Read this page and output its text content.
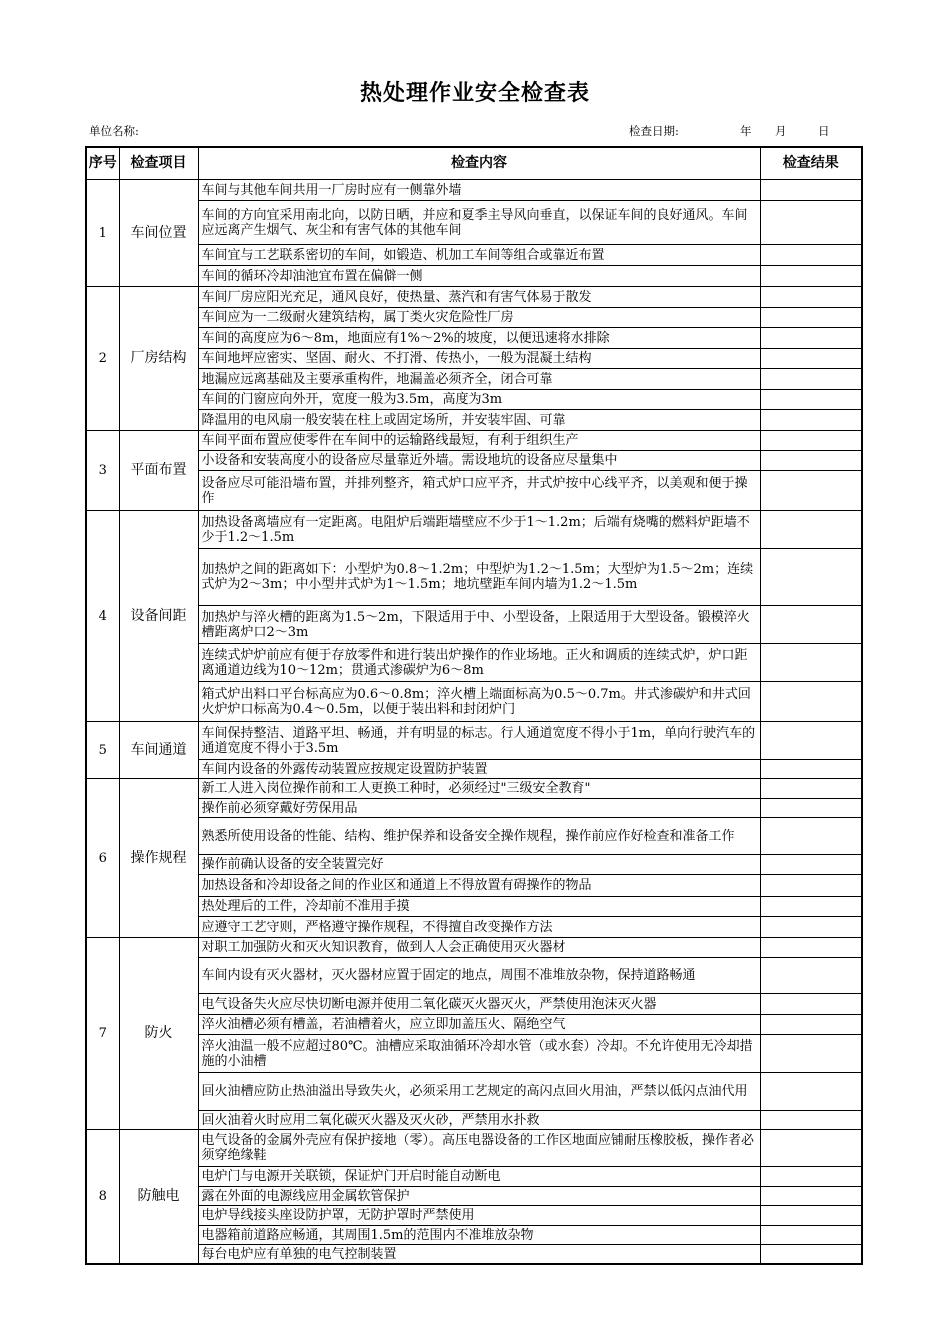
热处理作业安全检查表
单位名称:	检查日期:	年 月	日
序号	检查项目	检查内容	检查结果
1	车间位置	车间与其他车间共用一厂房时应有一侧靠外墙	

		车间的方向宜采用南北向，以防日晒，并应和夏季主导风向垂直，以保证车间的良好通风。车间应远离产生烟气、灰尘和有害气体的其他车间	

		车间宜与工艺联系密切的车间，如锻造、机加工车间等组合或靠近布置	

		车间的循环冷却油池宜布置在偏僻一侧	

2	厂房结构	车间厂房应阳光充足，通风良好，使热量、蒸汽和有害气体易于散发	

		车间应为一二级耐火建筑结构，属丁类火灾危险性厂房	

		车间的高度应为6～8m，地面应有1%～2%的坡度，以便迅速将水排除	

		车间地坪应密实、坚固、耐火、不打滑、传热小，一般为混凝土结构	

		地漏应远离基础及主要承重构件，地漏盖必须齐全，闭合可靠	

		车间的门窗应向外开，宽度一般为3.5m，高度为3m	

		降温用的电风扇一般安装在柱上或固定场所，并安装牢固、可靠	

3	平面布置	车间平面布置应使零件在车间中的运输路线最短，有利于组织生产	

		小设备和安装高度小的设备应尽量靠近外墙。需设地坑的设备应尽量集中	

		设备应尽可能沿墙布置，并排列整齐，箱式炉口应平齐，井式炉按中心线平齐，以美观和便于操作	

4	设备间距	加热设备离墙应有一定距离。电阻炉后端距墙壁应不少于1～1.2m；后端有烧嘴的燃料炉距墙不少于1.2～1.5m	

		加热炉之间的距离如下：小型炉为0.8～1.2m；中型炉为1.2～1.5m；大型炉为1.5～2m；连续式炉为2～3m；中小型井式炉为1～1.5m；地坑壁距车间内墙为1.2～1.5m	

		加热炉与淬火槽的距离为1.5～2m，下限适用于中、小型设备，上限适用于大型设备。锻模淬火槽距离炉口2～3m	

		连续式炉炉前应有便于存放零件和进行装出炉操作的作业场地。正火和调质的连续式炉，炉口距离通道边线为10～12m；贯通式渗碳炉为6～8m	

		箱式炉出料口平台标高应为0.6～0.8m；淬火槽上端面标高为0.5～0.7m。井式渗碳炉和井式回火炉炉口标高为0.4～0.5m，以便于装出料和封闭炉门	

5	车间通道	车间保持整洁、道路平坦、畅通，并有明显的标志。行人通道宽度不得小于1m，单向行驶汽车的通道宽度不得小于3.5m	

		车间内设备的外露传动装置应按规定设置防护装置	

6	操作规程	新工人进入岗位操作前和工人更换工种时，必须经过"三级安全教育"	

		操作前必须穿戴好劳保用品	

		熟悉所使用设备的性能、结构、维护保养和设备安全操作规程，操作前应作好检查和准备工作	

		操作前确认设备的安全装置完好	

		加热设备和冷却设备之间的作业区和通道上不得放置有碍操作的物品	

		热处理后的工件，冷却前不准用手摸	

		应遵守工艺守则，严格遵守操作规程，不得擅自改变操作方法	

7	防火	对职工加强防火和灭火知识教育，做到人人会正确使用灭火器材	

		车间内设有灭火器材，灭火器材应置于固定的地点，周围不准堆放杂物，保持道路畅通	

		电气设备失火应尽快切断电源并使用二氧化碳灭火器灭火，严禁使用泡沫灭火器	

		淬火油槽必须有槽盖，若油槽着火，应立即加盖压火、隔绝空气	

		淬火油温一般不应超过80℃。油槽应采取油循环冷却水管（或水套）冷却。不允许使用无冷却措施的小油槽	

		回火油槽应防止热油溢出导致失火，必须采用工艺规定的高闪点回火用油，严禁以低闪点油代用	

		回火油着火时应用二氧化碳灭火器及灭火砂，严禁用水扑救	

8	防触电	电气设备的金属外壳应有保护接地（零）。高压电器设备的工作区地面应铺耐压橡胶板，操作者必须穿绝缘鞋	

		电炉门与电源开关联锁，保证炉门开启时能自动断电	

		露在外面的电源线应用金属软管保护	

		电炉导线接头座设防护罩，无防护罩时严禁使用	

		电器箱前道路应畅通，其周围1.5m的范围内不准堆放杂物	

		每台电炉应有单独的电气控制装置	
